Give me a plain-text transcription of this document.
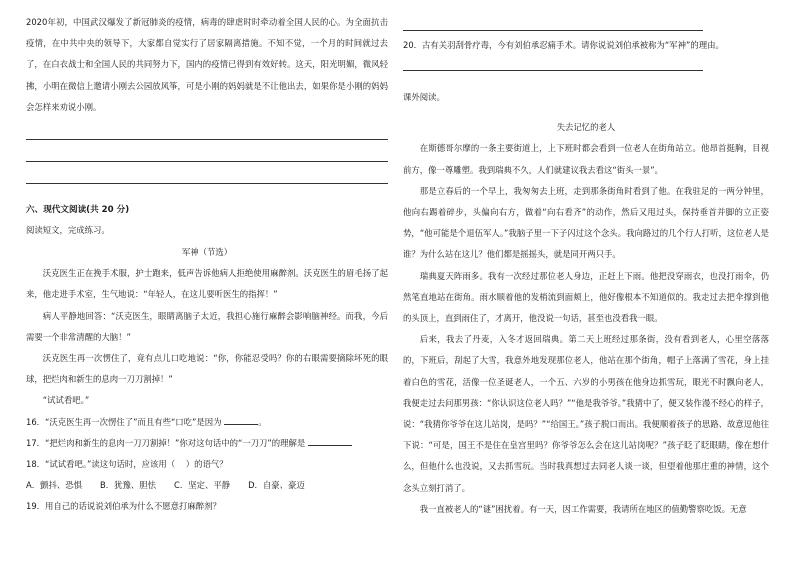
2020年初，中国武汉爆发了新冠肺炎的疫情，病毒的肆虐时时牵动着全国人民的心。为全面抗击疫情，在中共中央的领导下，大家都自觉实行了居家隔离措施。不知不觉，一个月的时间就过去了，在白衣战士和全国人民的共同努力下，国内的疫情已得到有效好转。这天，阳光明媚，微风轻拂，小明在微信上邀请小刚去公园放风筝，可是小刚的妈妈就是不让他出去，如果你是小刚的妈妈会怎样来劝说小刚。

六、现代文阅读(共 20 分)

阅读短文，完成练习。

军神（节选）

沃克医生正在挽手术服，护士跑来，低声告诉他病人拒绝使用麻醉剂。沃克医生的眉毛扬了起来，他走进手术室，生气地说：“年轻人，在这儿要听医生的指挥！”

病人平静地回答：“沃克医生，眼睛离脑子太近，我担心施行麻醉会影响脑神经。而我，今后需要一个非常清醒的大脑！”

沃克医生再一次愣住了，竟有点儿口吃地说：“你，你能忍受吗？你的右眼需要摘除坏死的眼球，把烂肉和新生的息肉一刀刀割掉！”

“试试看吧。”

16．“沃克医生再一次愣住了”而且有些“口吃”是因为	。

17．“把烂肉和新生的息肉一刀刀割掉！”你对这句话中的“一刀刀”的理解是

18．“试试看吧。”读这句话时，应该用（ ）的语气？

A．颤抖、恐惧 B．犹豫、胆怯 C．坚定、平静 D．自豪、豪迈

19．用自己的话说说刘伯承为什么不愿意打麻醉剂？

20．古有关羽刮骨疗毒，今有刘伯承忍痛手术。请你说说刘伯承被称为“军神”的理由。

课外阅读。

失去记忆的老人

在斯德哥尔摩的一条主要街道上，上下班时都会看到一位老人在街角站立。他昂首挺胸，目视前方，像一尊雕塑。我到瑞典不久，人们就建议我去看这“街头一景”。

那是立春后的一个早上，我匆匆去上班，走到那条街角时看到了他。在我驻足的一两分钟里，他向右踢着碎步，头偏向右方，做着“向右看齐”的动作，然后又甩过头，保持垂首并脚的立正姿势，“他可能是个退伍军人。”我脑子里一下子闪过这个念头。我向路过的几个行人打听，这位老人是谁？为什么站在这儿？他们都是摇摇头，就是同开两只手。

瑞典夏天阵雨多。我有一次经过那位老人身边，正赶上下雨。他把没穿雨衣，也没打雨伞，仍然笔直地站在街角。雨水顺着他的发梢流到面颊上，他好像根本不知道似的。我走过去把伞撑到他的头顶上，直到雨住了，才离开，他没说一句话，甚至也没看我一眼。

后来，我去了丹麦，入冬才返回瑞典。第二天上班经过那条街，没有看到老人，心里空落落的，下班后，刮起了大雪，我意外地发现那位老人，他站在那个街角，帽子上落满了雪花，身上挂着白色的雪花，活像一位圣诞老人，一个五、六岁的小男孩在他身边抓雪玩，眼光不时飘向老人，我便走过去问那男孩：“你认识这位老人吗？”“他是我爷爷。”我猜中了，便又装作漫不经心的样子，说：“我猜你爷爷在这儿站岗，是吗？”“给国王。”孩子脱口而出。我便顺着孩子的思路、故意逗他往下说：“可是，国王不是住在皇宫里吗？你爷爷怎么会在这儿站岗呢？”孩子眨了眨眼睛，像在想什么，但他什么也没说，又去抓雪玩。当时我真想过去同老人谈一谈，但望着他那庄重的神情，这个念头立刻打消了。

我一直被老人的“谜”困扰着。有一天，因工作需要，我请所在地区的值勤警察吃饭。无意
